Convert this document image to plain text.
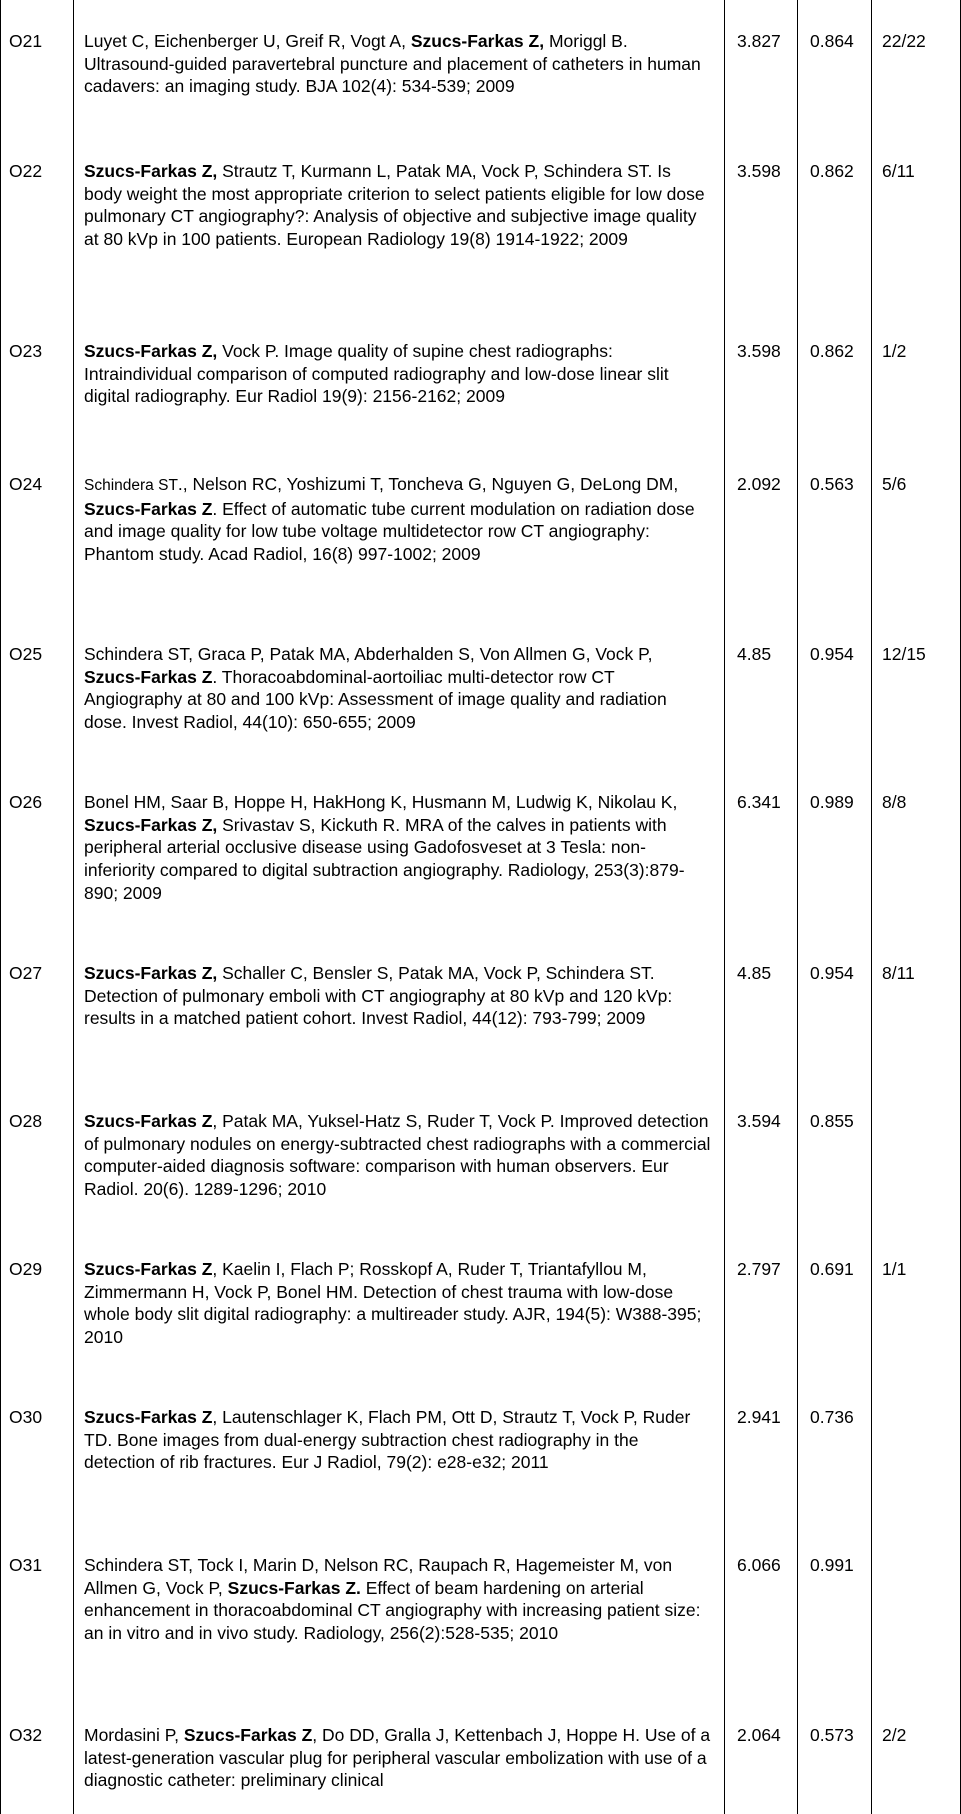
O21	Luyet C, Eichenberger U, Greif R, Vogt A, Szucs-Farkas Z, Moriggl B. Ultrasound-guided paravertebral puncture and placement of catheters in human cadavers: an imaging study. BJA 102(4): 534-539; 2009	3.827	0.864	22/22
O22	Szucs-Farkas Z, Strautz T, Kurmann L, Patak MA, Vock P, Schindera ST. Is body weight the most appropriate criterion to select patients eligible for low dose pulmonary CT angiography?: Analysis of objective and subjective image quality at 80 kVp in 100 patients. European Radiology 19(8) 1914-1922; 2009	3.598	0.862	6/11
O23	Szucs-Farkas Z, Vock P. Image quality of supine chest radiographs: Intraindividual comparison of computed radiography and low-dose linear slit digital radiography. Eur Radiol 19(9): 2156-2162; 2009	3.598	0.862	1/2
O24	Schindera ST., Nelson RC, Yoshizumi T, Toncheva G, Nguyen G, DeLong DM, Szucs-Farkas Z. Effect of automatic tube current modulation on radiation dose and image quality for low tube voltage multidetector row CT angiography: Phantom study. Acad Radiol, 16(8) 997-1002; 2009	2.092	0.563	5/6
O25	Schindera ST, Graca P, Patak MA, Abderhalden S, Von Allmen G, Vock P, Szucs-Farkas Z. Thoracoabdominal-aortoiliac multi-detector row CT Angiography at 80 and 100 kVp: Assessment of image quality and radiation dose. Invest Radiol, 44(10): 650-655; 2009	4.85	0.954	12/15
O26	Bonel HM, Saar B, Hoppe H, HakHong K, Husmann M, Ludwig K, Nikolau K, Szucs-Farkas Z, Srivastav S, Kickuth R. MRA of the calves in patients with peripheral arterial occlusive disease using Gadofosveset at 3 Tesla: non-inferiority compared to digital subtraction angiography. Radiology, 253(3):879-890; 2009	6.341	0.989	8/8
O27	Szucs-Farkas Z, Schaller C, Bensler S, Patak MA, Vock P, Schindera ST. Detection of pulmonary emboli with CT angiography at 80 kVp and 120 kVp: results in a matched patient cohort. Invest Radiol, 44(12): 793-799; 2009	4.85	0.954	8/11
O28	Szucs-Farkas Z, Patak MA, Yuksel-Hatz S, Ruder T, Vock P. Improved detection of pulmonary nodules on energy-subtracted chest radiographs with a commercial computer-aided diagnosis software: comparison with human observers. Eur Radiol. 20(6). 1289-1296; 2010	3.594	0.855	
O29	Szucs-Farkas Z, Kaelin I, Flach P; Rosskopf A, Ruder T, Triantafyllou M, Zimmermann H, Vock P, Bonel HM. Detection of chest trauma with low-dose whole body slit digital radiography: a multireader study. AJR, 194(5): W388-395; 2010	2.797	0.691	1/1
O30	Szucs-Farkas Z, Lautenschlager K, Flach PM, Ott D, Strautz T, Vock P, Ruder TD. Bone images from dual-energy subtraction chest radiography in the detection of rib fractures. Eur J Radiol, 79(2): e28-e32; 2011	2.941	0.736	
O31	Schindera ST, Tock I, Marin D, Nelson RC, Raupach R, Hagemeister M, von Allmen G, Vock P, Szucs-Farkas Z. Effect of beam hardening on arterial enhancement in thoracoabdominal CT angiography with increasing patient size: an in vitro and in vivo study. Radiology, 256(2):528-535; 2010	6.066	0.991	
O32	Mordasini P, Szucs-Farkas Z, Do DD, Gralla J, Kettenbach J, Hoppe H. Use of a latest-generation vascular plug for peripheral vascular embolization with use of a diagnostic catheter: preliminary clinical	2.064	0.573	2/2
